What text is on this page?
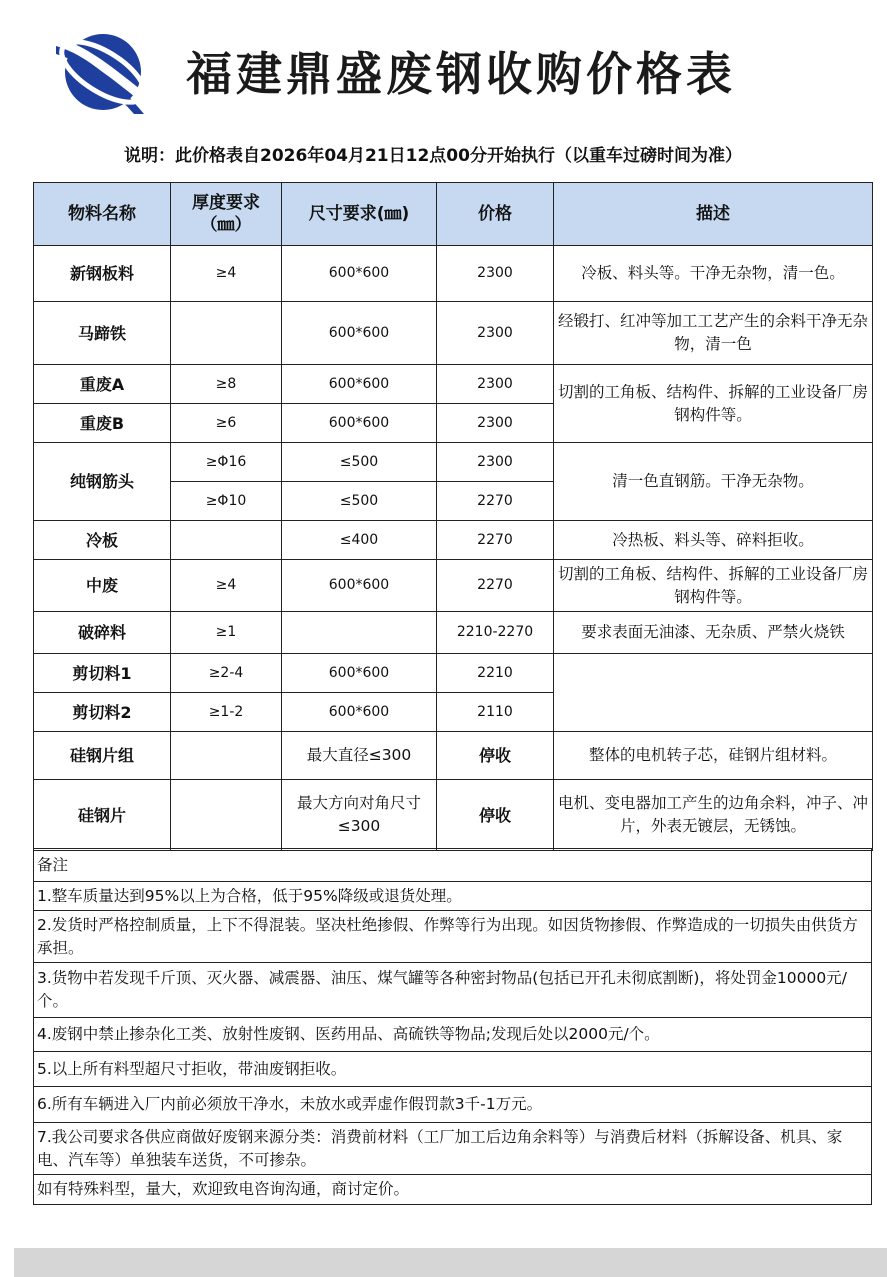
福建鼎盛废钢收购价格表
说明：此价格表自2026年04月21日12点00分开始执行（以重车过磅时间为准）
物料名称	厚度要求（㎜）	尺寸要求(㎜)	价格	描述
新钢板料	≥4	600*600	2300	冷板、料头等。干净无杂物，清一色。
马蹄铁		600*600	2300	经锻打、红冲等加工工艺产生的余料干净无杂物，清一色
重废A	≥8	600*600	2300	切割的工角板、结构件、拆解的工业设备厂房钢构件等。
重废B	≥6	600*600	2300	
纯钢筋头	≥Φ16	≤500	2300	清一色直钢筋。干净无杂物。
	≥Φ10	≤500	2270	
冷板		≤400	2270	冷热板、料头等、碎料拒收。
中废	≥4	600*600	2270	切割的工角板、结构件、拆解的工业设备厂房钢构件等。
破碎料	≥1		2210-2270	要求表面无油漆、无杂质、严禁火烧铁
剪切料1	≥2-4	600*600	2210	
剪切料2	≥1-2	600*600	2110	
硅钢片组		最大直径≤300	停收	整体的电机转子芯，硅钢片组材料。
硅钢片		最大方向对角尺寸≤300	停收	电机、变电器加工产生的边角余料，冲子、冲片，外表无镀层，无锈蚀。
备注
1.整车质量达到95%以上为合格，低于95%降级或退货处理。
2.发货时严格控制质量，上下不得混装。坚决杜绝掺假、作弊等行为出现。如因货物掺假、作弊造成的一切损失由供货方承担。
3.货物中若发现千斤顶、灭火器、减震器、油压、煤气罐等各种密封物品(包括已开孔未彻底割断)，将处罚金10000元/个。
4.废钢中禁止掺杂化工类、放射性废钢、医药用品、高硫铁等物品;发现后处以2000元/个。
5.以上所有料型超尺寸拒收，带油废钢拒收。
6.所有车辆进入厂内前必须放干净水，未放水或弄虚作假罚款3千-1万元。
7.我公司要求各供应商做好废钢来源分类：消费前材料（工厂加工后边角余料等）与消费后材料（拆解设备、机具、家电、汽车等）单独装车送货，不可掺杂。
如有特殊料型，量大，欢迎致电咨询沟通，商讨定价。
